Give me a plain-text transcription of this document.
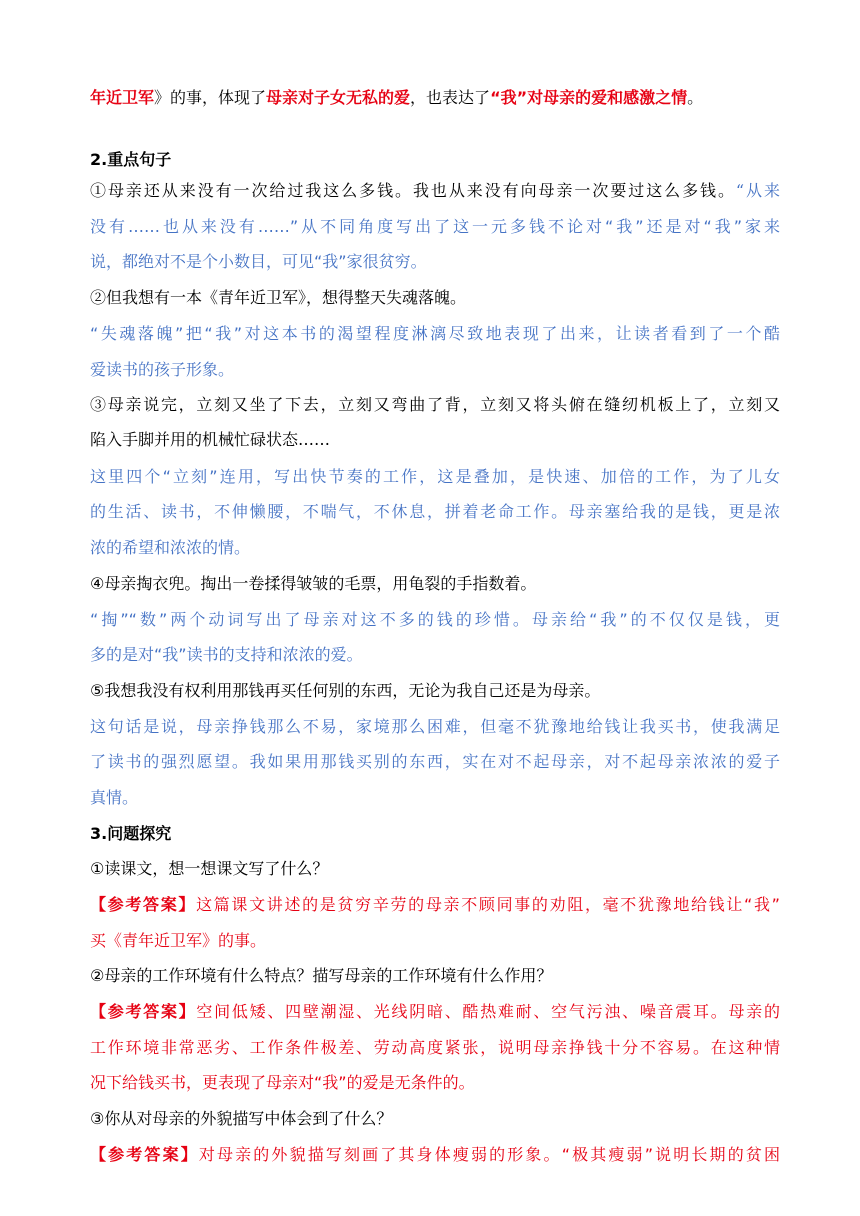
年近卫军》的事，体现了母亲对子女无私的爱，也表达了“我”对母亲的爱和感激之情。
2.重点句子
①母亲还从来没有一次给过我这么多钱。我也从来没有向母亲一次要过这么多钱。“从来
没有……也从来没有……”从不同角度写出了这一元多钱不论对“我”还是对“我”家来
说，都绝对不是个小数目，可见“我”家很贫穷。
②但我想有一本《青年近卫军》，想得整天失魂落魄。
“失魂落魄”把“我”对这本书的渴望程度淋漓尽致地表现了出来，让读者看到了一个酷
爱读书的孩子形象。
③母亲说完，立刻又坐了下去，立刻又弯曲了背，立刻又将头俯在缝纫机板上了，立刻又
陷入手脚并用的机械忙碌状态……
这里四个“立刻”连用，写出快节奏的工作，这是叠加，是快速、加倍的工作，为了儿女
的生活、读书，不伸懒腰，不喘气，不休息，拼着老命工作。母亲塞给我的是钱，更是浓
浓的希望和浓浓的情。
④母亲掏衣兜。掏出一卷揉得皱皱的毛票，用龟裂的手指数着。
“掏”“数”两个动词写出了母亲对这不多的钱的珍惜。母亲给“我”的不仅仅是钱，更
多的是对“我”读书的支持和浓浓的爱。
⑤我想我没有权利用那钱再买任何别的东西，无论为我自己还是为母亲。
这句话是说，母亲挣钱那么不易，家境那么困难，但毫不犹豫地给钱让我买书，使我满足
了读书的强烈愿望。我如果用那钱买别的东西，实在对不起母亲，对不起母亲浓浓的爱子
真情。
3.问题探究
①读课文，想一想课文写了什么？
【参考答案】这篇课文讲述的是贫穷辛劳的母亲不顾同事的劝阻，毫不犹豫地给钱让“我”
买《青年近卫军》的事。
②母亲的工作环境有什么特点？描写母亲的工作环境有什么作用？
【参考答案】空间低矮、四壁潮湿、光线阴暗、酷热难耐、空气污浊、噪音震耳。母亲的
工作环境非常恶劣、工作条件极差、劳动高度紧张，说明母亲挣钱十分不容易。在这种情
况下给钱买书，更表现了母亲对“我”的爱是无条件的。
③你从对母亲的外貌描写中体会到了什么？
【参考答案】对母亲的外貌描写刻画了其身体瘦弱的形象。“极其瘦弱”说明长期的贫困
